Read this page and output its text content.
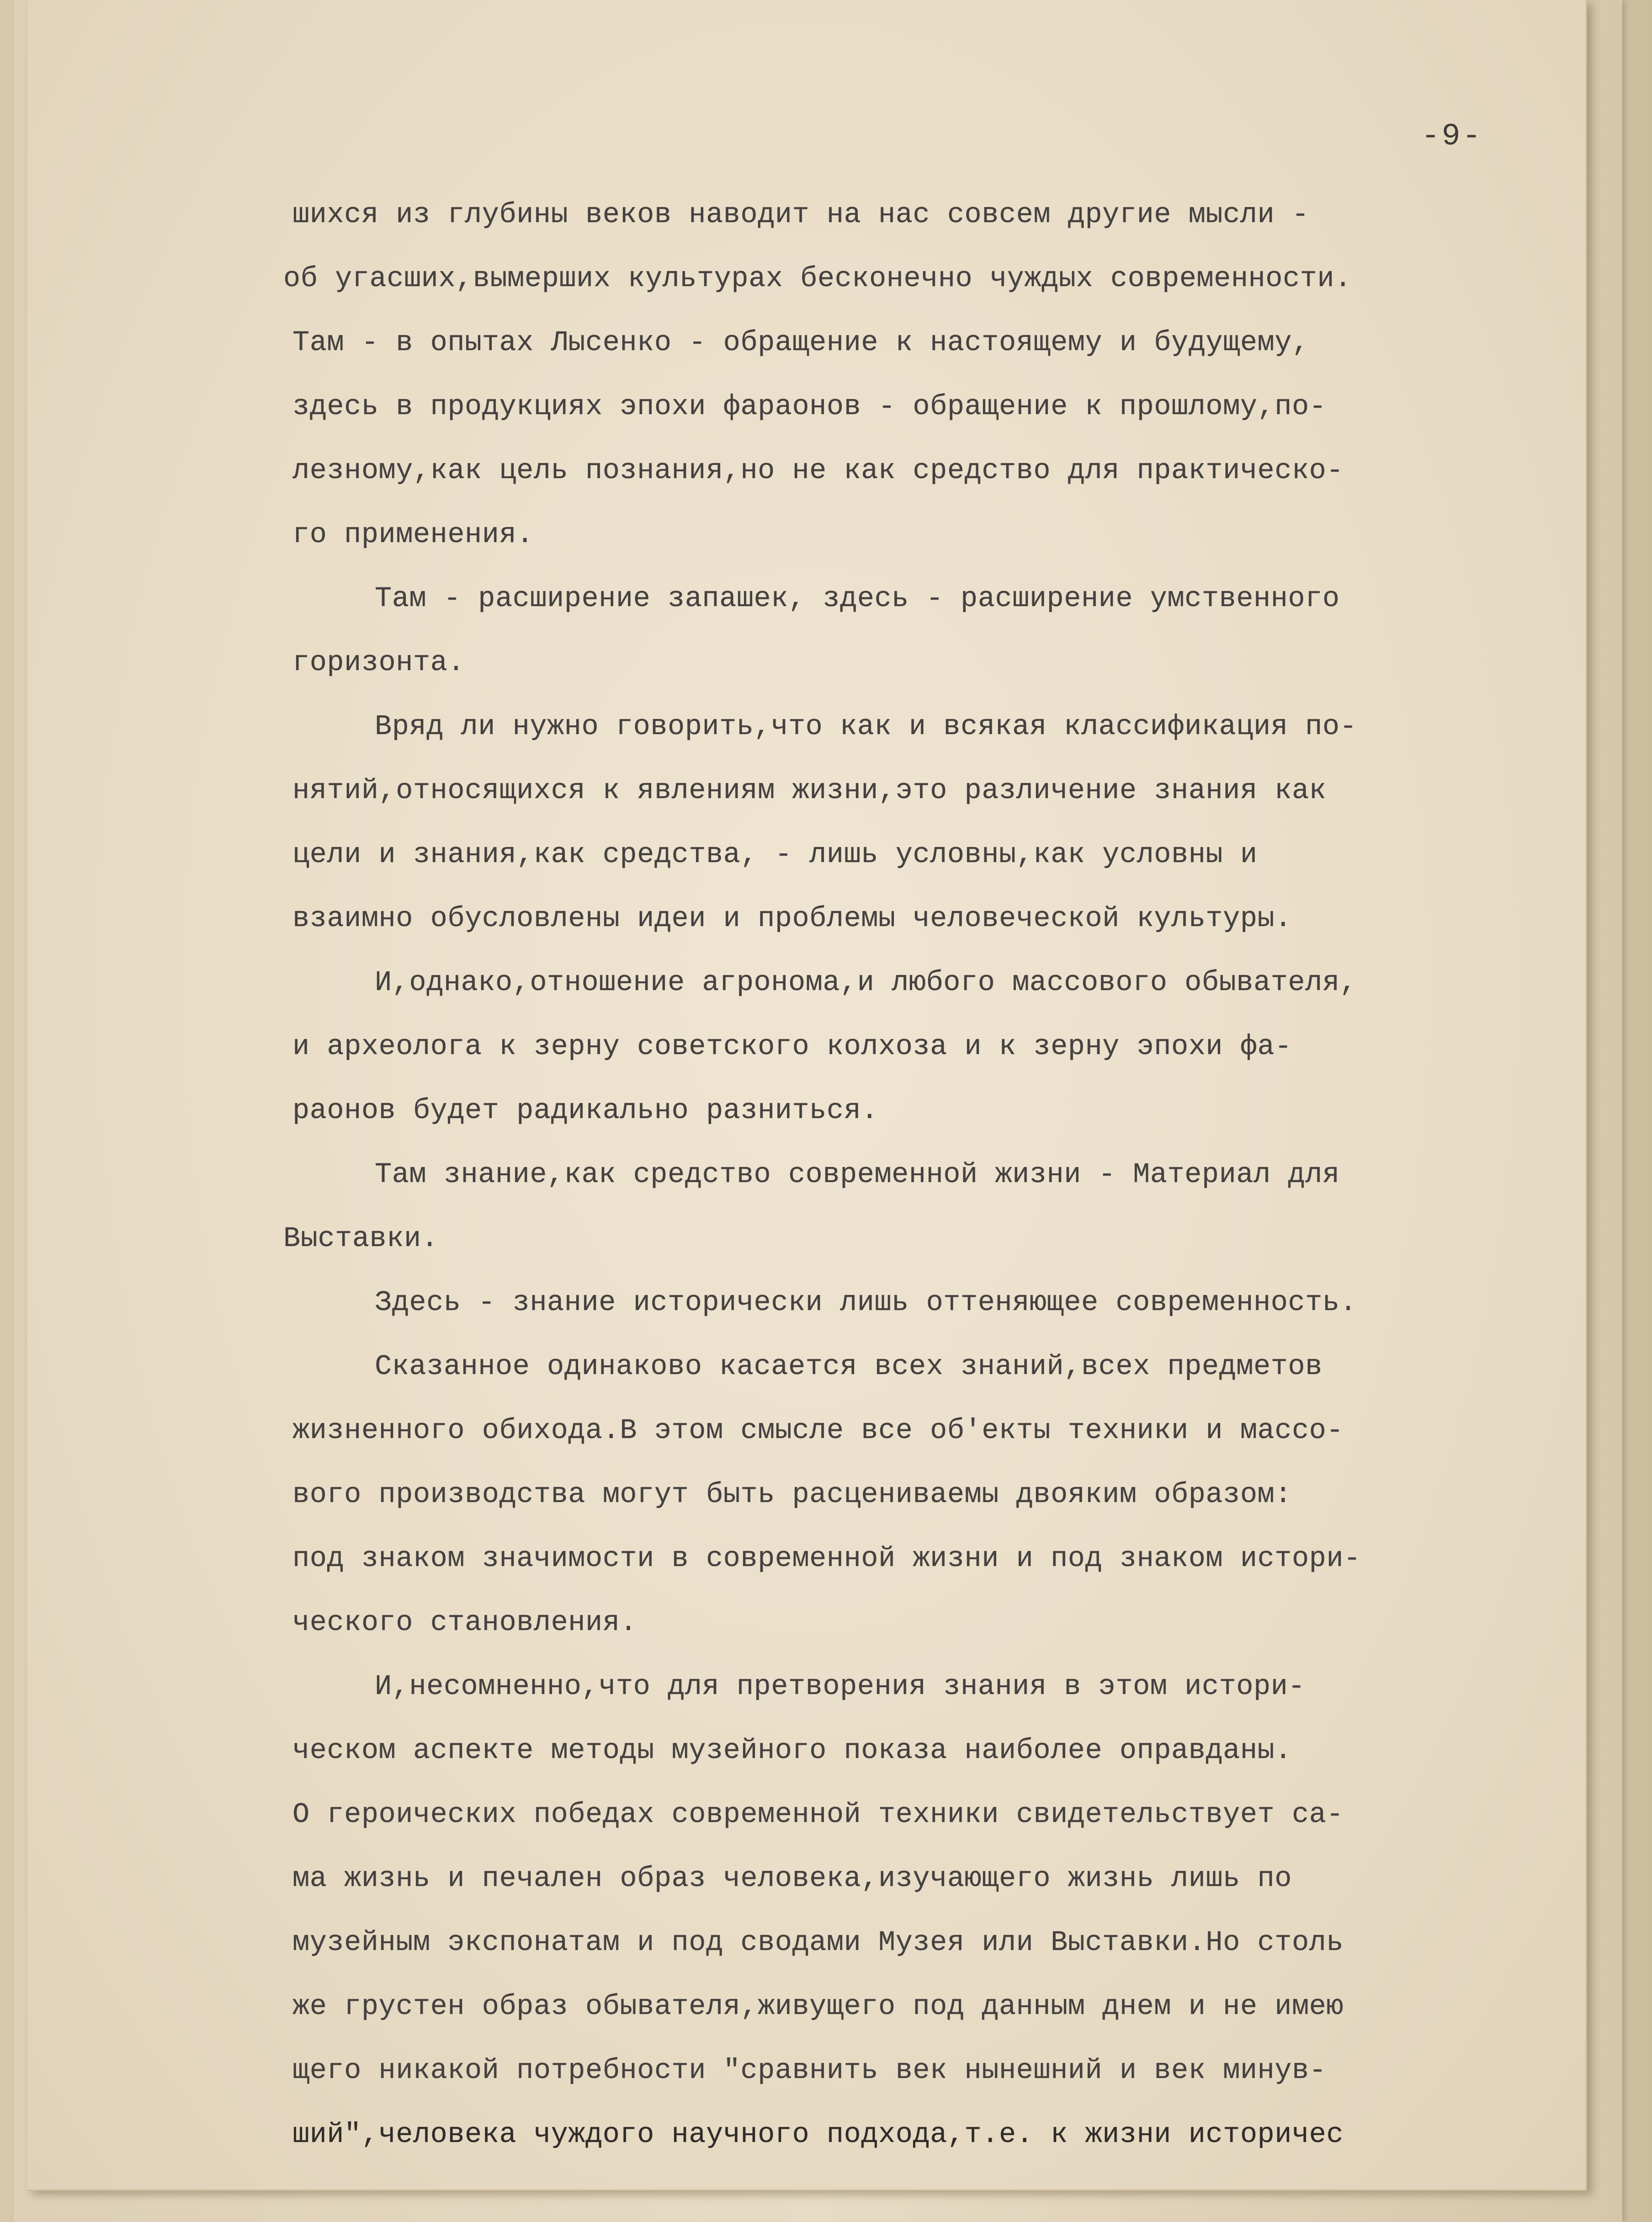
-9-
шихся из глубины веков наводит на нас совсем другие мысли -
об угасших,вымерших культурах бесконечно чуждых современности.
Там - в опытах Лысенко - обращение к настоящему и будущему,
здесь в продукциях эпохи фараонов - обращение к прошлому,по-
лезному,как цель познания,но не как средство для практическо-
го применения.
Там - расширение запашек, здесь - расширение умственного
горизонта.
Вряд ли нужно говорить,что как и всякая классификация по-
нятий,относящихся к явлениям жизни,это различение знания как
цели и знания,как средства, - лишь условны,как условны и
взаимно обусловлены идеи и проблемы человеческой культуры.
И,однако,отношение агронома,и любого массового обывателя,
и археолога к зерну советского колхоза и к зерну эпохи фа-
раонов будет радикально разниться.
Там знание,как средство современной жизни - Материал для
Выставки.
Здесь - знание исторически лишь оттеняющее современность.
Сказанное одинаково касается всех знаний,всех предметов
жизненного обихода.В этом смысле все об'екты техники и массо-
вого производства могут быть расцениваемы двояким образом:
под знаком значимости в современной жизни и под знаком истори-
ческого становления.
И,несомненно,что для претворения знания в этом истори-
ческом аспекте методы музейного показа наиболее оправданы.
О героических победах современной техники свидетельствует са-
ма жизнь и печален образ человека,изучающего жизнь лишь по
музейным экспонатам и под сводами Музея или Выставки.Но столь
же грустен образ обывателя,живущего под данным днем и не имею
щего никакой потребности "сравнить век нынешний и век минув-
ший",человека чуждого научного подхода,т.е. к жизни историчес
